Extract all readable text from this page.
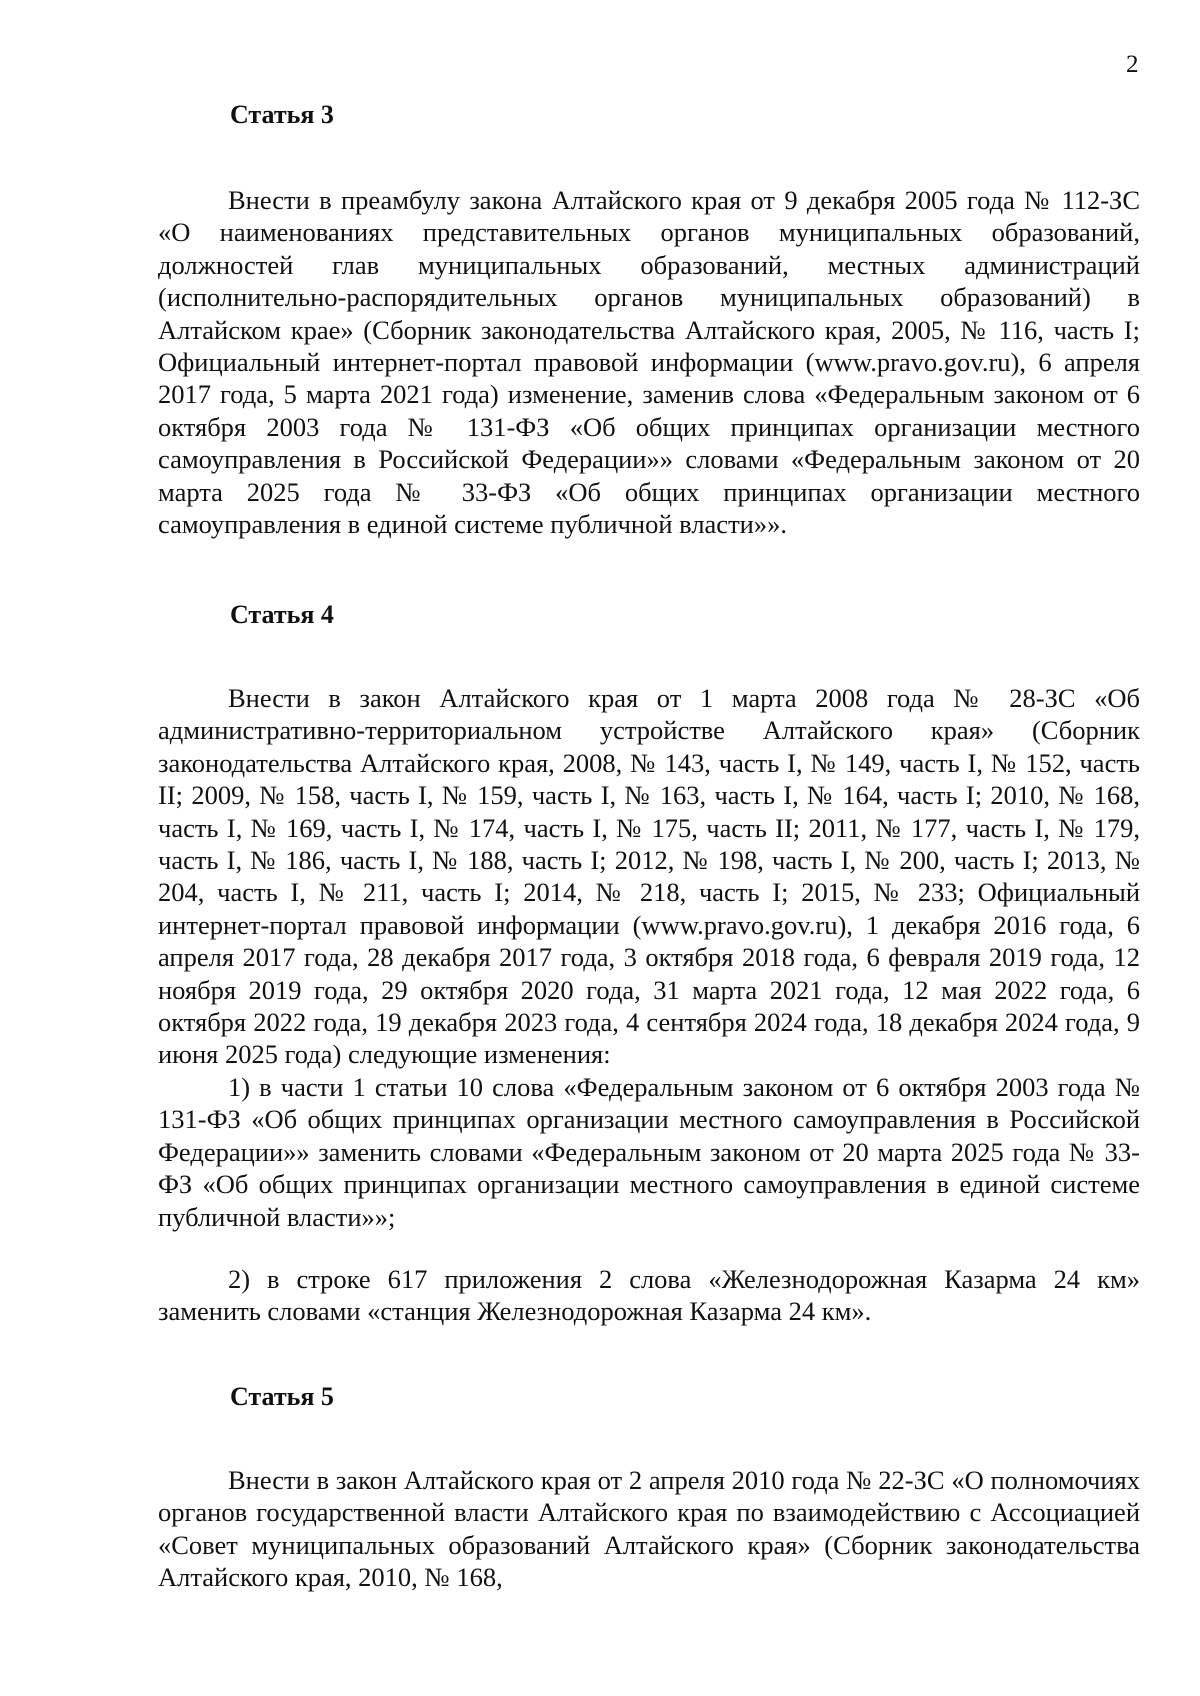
2
Статья 3

Внести в преамбулу закона Алтайского края от 9 декабря 2005 года № 112-ЗС «О наименованиях представительных органов муниципальных образований, должностей глав муниципальных образований, местных администраций (исполнительно-распорядительных органов муниципальных образований) в Алтайском крае» (Сборник законодательства Алтайского края, 2005, № 116, часть I; Официальный интернет-портал правовой информации (www.pravo.gov.ru), 6 апреля 2017 года, 5 марта 2021 года) изменение, заменив слова «Федеральным законом от 6 октября 2003 года № 131-ФЗ «Об общих принципах организации местного самоуправления в Российской Федерации»» словами «Федеральным законом от 20 марта 2025 года № 33-ФЗ «Об общих принципах организации местного самоуправления в единой системе публичной власти»».

Статья 4

Внести в закон Алтайского края от 1 марта 2008 года № 28-ЗС «Об административно-территориальном устройстве Алтайского края» (Сборник законодательства Алтайского края, 2008, № 143, часть I, № 149, часть I, № 152, часть II; 2009, № 158, часть I, № 159, часть I, № 163, часть I, № 164, часть I; 2010, № 168, часть I, № 169, часть I, № 174, часть I, № 175, часть II; 2011, № 177, часть I, № 179, часть I, № 186, часть I, № 188, часть I; 2012, № 198, часть I, № 200, часть I; 2013, № 204, часть I, № 211, часть I; 2014, № 218, часть I; 2015, № 233; Официальный интернет-портал правовой информации (www.pravo.gov.ru), 1 декабря 2016 года, 6 апреля 2017 года, 28 декабря 2017 года, 3 октября 2018 года, 6 февраля 2019 года, 12 ноября 2019 года, 29 октября 2020 года, 31 марта 2021 года, 12 мая 2022 года, 6 октября 2022 года, 19 декабря 2023 года, 4 сентября 2024 года, 18 декабря 2024 года, 9 июня 2025 года) следующие изменения:

1) в части 1 статьи 10 слова «Федеральным законом от 6 октября 2003 года № 131-ФЗ «Об общих принципах организации местного самоуправления в Российской Федерации»» заменить словами «Федеральным законом от 20 марта 2025 года № 33-ФЗ «Об общих принципах организации местного самоуправления в единой системе публичной власти»»;

2) в строке 617 приложения 2 слова «Железнодорожная Казарма 24 км» заменить словами «станция Железнодорожная Казарма 24 км».

Статья 5

Внести в закон Алтайского края от 2 апреля 2010 года № 22-ЗС «О полномочиях органов государственной власти Алтайского края по взаимодействию с Ассоциацией «Совет муниципальных образований Алтайского края» (Сборник законодательства Алтайского края, 2010, № 168,
